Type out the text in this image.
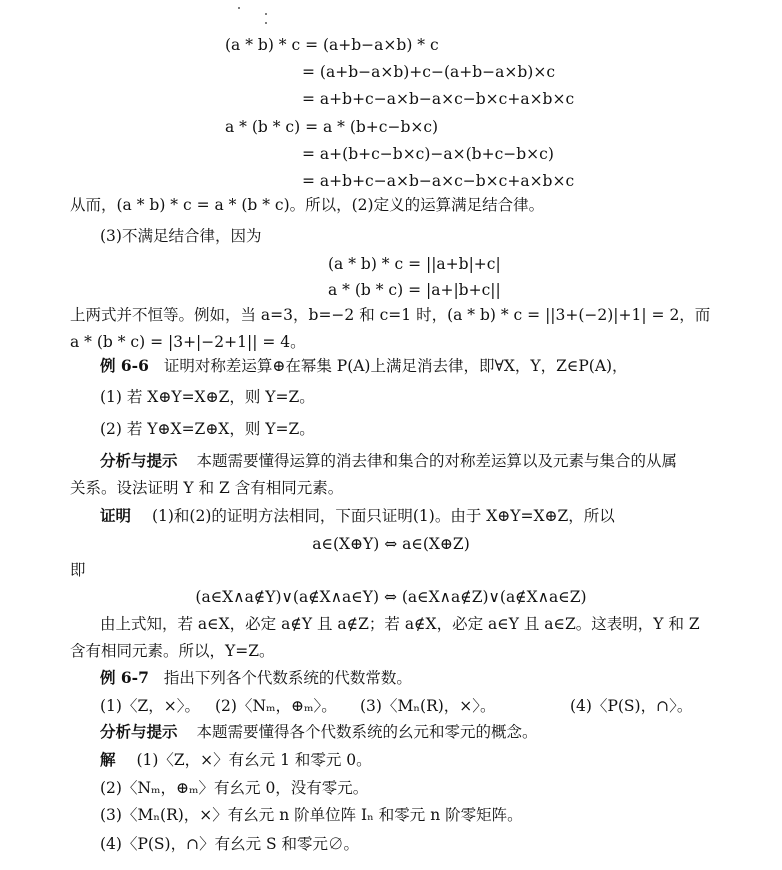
(a * b) * c = (a+b−a×b) * c
= (a+b−a×b)+c−(a+b−a×b)×c
= a+b+c−a×b−a×c−b×c+a×b×c
a * (b * c) = a * (b+c−b×c)
= a+(b+c−b×c)−a×(b+c−b×c)
= a+b+c−a×b−a×c−b×c+a×b×c
从而，(a * b) * c = a * (b * c)。所以，(2)定义的运算满足结合律。
(3)不满足结合律，因为
(a * b) * c = ||a+b|+c|
a * (b * c) = |a+|b+c||
上两式并不恒等。例如，当 a=3，b=−2 和 c=1 时，(a * b) * c = ||3+(−2)|+1| = 2，而
a * (b * c) = |3+|−2+1|| = 4。
例 6-6 证明对称差运算⊕在幂集 P(A)上满足消去律，即∀X，Y，Z∈P(A)，
(1) 若 X⊕Y=X⊕Z，则 Y=Z。
(2) 若 Y⊕X=Z⊕X，则 Y=Z。
分析与提示 本题需要懂得运算的消去律和集合的对称差运算以及元素与集合的从属
关系。设法证明 Y 和 Z 含有相同元素。
证明 (1)和(2)的证明方法相同，下面只证明(1)。由于 X⊕Y=X⊕Z，所以
a∈(X⊕Y) ⇔ a∈(X⊕Z)
即
(a∈X∧a∉Y)∨(a∉X∧a∈Y) ⇔ (a∈X∧a∉Z)∨(a∉X∧a∈Z)
由上式知，若 a∈X，必定 a∉Y 且 a∉Z；若 a∉X，必定 a∈Y 且 a∈Z。这表明，Y 和 Z
含有相同元素。所以，Y=Z。
例 6-7 指出下列各个代数系统的代数常数。
(1)〈Z，×〉。 (2)〈Nₘ，⊕ₘ〉。 (3)〈Mₙ(R)，×〉。	(4)〈P(S)，∩〉。
分析与提示 本题需要懂得各个代数系统的幺元和零元的概念。
解 (1)〈Z，×〉有幺元 1 和零元 0。
(2)〈Nₘ，⊕ₘ〉有幺元 0，没有零元。
(3)〈Mₙ(R)，×〉有幺元 n 阶单位阵 Iₙ 和零元 n 阶零矩阵。
(4)〈P(S)，∩〉有幺元 S 和零元∅。
